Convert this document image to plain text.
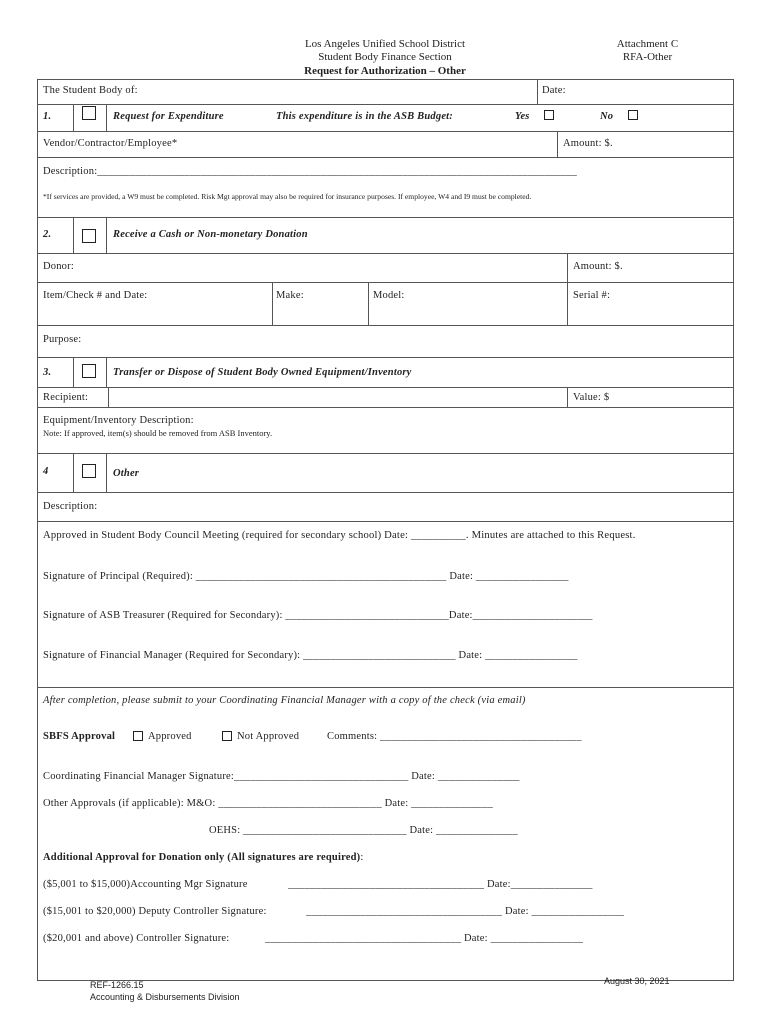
Los Angeles Unified School District
Student Body Finance Section
Request for Authorization – Other
Attachment C
RFA-Other
The Student Body of:	Date:
1.	Request for Expenditure	This expenditure is in the ASB Budget:	Yes	No
Vendor/Contractor/Employee*	Amount: $.
Description:________________________________________________________________________________________
*If services are provided, a W9 must be completed. Risk Mgt approval may also be required for insurance purposes. If employee, W4 and I9 must be completed.
2.	Receive a Cash or Non-monetary Donation
Donor:	Amount: $.
Item/Check # and Date:	Make:	Model:	Serial #:
Purpose:
3.	Transfer or Dispose of Student Body Owned Equipment/Inventory
Recipient:	Value: $
Equipment/Inventory Description:
Note: If approved, item(s) should be removed from ASB Inventory.
4	Other
Description:
Approved in Student Body Council Meeting (required for secondary school) Date: __________. Minutes are attached to this Request.
Signature of Principal (Required): ______________________________________________ Date: _________________
Signature of ASB Treasurer (Required for Secondary): ______________________________Date:______________________
Signature of Financial Manager (Required for Secondary): ____________________________ Date: _________________
After completion, please submit to your Coordinating Financial Manager with a copy of the check (via email)
SBFS Approval	Approved	Not Approved	Comments: _____________________________________
Coordinating Financial Manager Signature:________________________________ Date: _______________
Other Approvals (if applicable): M&O: ______________________________ Date: _______________
OEHS: ______________________________ Date: _______________
Additional Approval for Donation only (All signatures are required):
($5,001 to $15,000)Accounting Mgr Signature	____________________________________ Date:_______________
($15,001 to $20,000) Deputy Controller Signature:	____________________________________ Date: _________________
($20,001 and above) Controller Signature:	____________________________________ Date: _________________
REF-1266.15
Accounting & Disbursements Division
August 30, 2021
